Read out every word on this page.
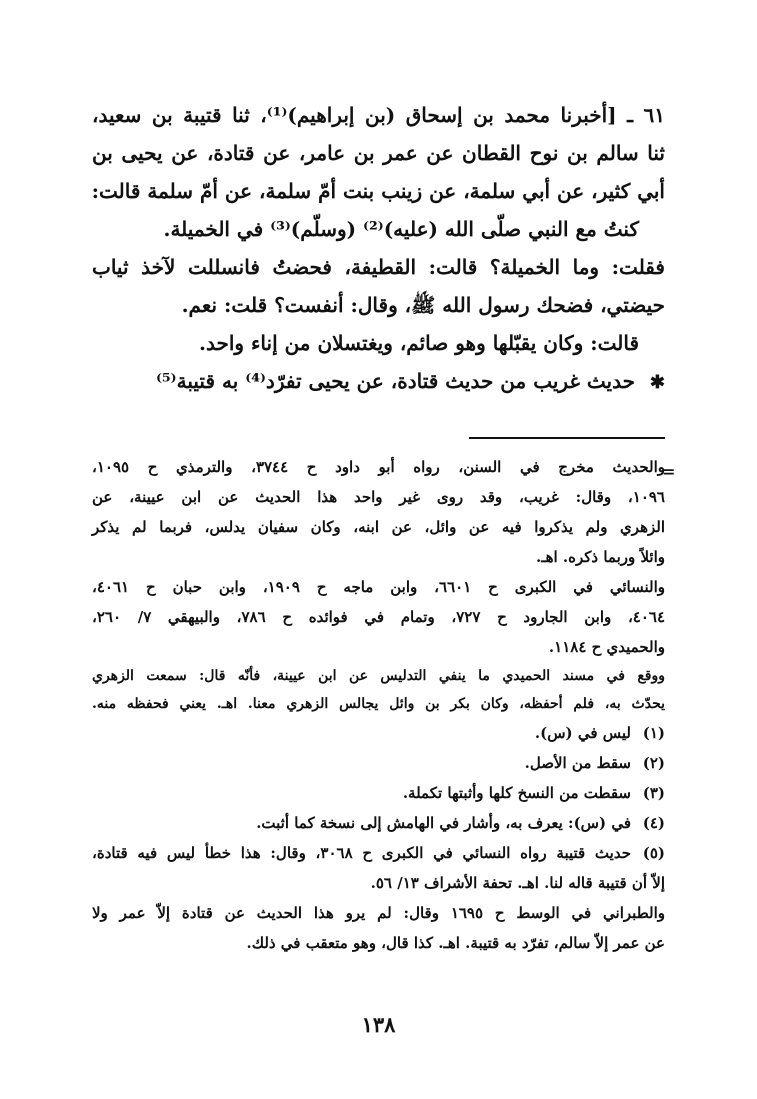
٦١ ـ [أخبرنا محمد بن إسحاق (بن إبراهيم)⁽¹⁾، ثنا قتيبة بن سعيد،
ثنا سالم بن نوح القطان عن عمر بن عامر، عن قتادة، عن يحيى بن
أبي كثير، عن أبي سلمة، عن زينب بنت أمّ سلمة، عن أمّ سلمة قالت:
كنتُ مع النبي صلّى الله (عليه)⁽²⁾ (وسلّم)⁽³⁾ في الخميلة.
فقلت: وما الخميلة؟ قالت: القطيفة، فحضتُ فانسللت لآخذ ثياب
حيضتي، فضحك رسول الله ﷺ، وقال: أنفست؟ قلت: نعم.
قالت: وكان يقبّلها وهو صائم، ويغتسلان من إناء واحد.
✱ حديث غريب من حديث قتادة، عن يحيى تفرّد⁽⁴⁾ به قتيبة⁽⁵⁾
=
والحديث مخرج في السنن، رواه أبو داود ح ٣٧٤٤، والترمذي ح ١٠٩٥،
١٠٩٦، وقال: غريب، وقد روى غير واحد هذا الحديث عن ابن عيينة، عن
الزهري ولم يذكروا فيه عن وائل، عن ابنه، وكان سفيان يدلس، فربما لم يذكر
وائلاً وربما ذكره. اهـ.
والنسائي في الكبرى ح ٦٦٠١، وابن ماجه ح ١٩٠٩، وابن حبان ح ٤٠٦١،
٤٠٦٤، وابن الجارود ح ٧٢٧، وتمام في فوائده ح ٧٨٦، والبيهقي ٧/ ٢٦٠،
والحميدي ح ١١٨٤.
ووقع في مسند الحميدي ما ينفي التدليس عن ابن عيينة، فأنّه قال: سمعت الزهري
يحدّث به، فلم أحفظه، وكان بكر بن وائل يجالس الزهري معنا. اهـ. يعني فحفظه منه.
(١)ليس في (س).
(٢)سقط من الأصل.
(٣)سقطت من النسخ كلها وأثبتها تكملة.
(٤)في (س): يعرف به، وأشار في الهامش إلى نسخة كما أثبت.
(٥)حديث قتيبة رواه النسائي في الكبرى ح ٣٠٦٨، وقال: هذا خطأ ليس فيه قتادة،
إلاّ أن قتيبة قاله لنا. اهـ. تحفة الأشراف ١٣/ ٥٦.
والطبراني في الوسط ح ١٦٩٥ وقال: لم يرو هذا الحديث عن قتادة إلاّ عمر ولا
عن عمر إلاّ سالم، تفرّد به قتيبة. اهـ. كذا قال، وهو متعقب في ذلك.
١٣٨
